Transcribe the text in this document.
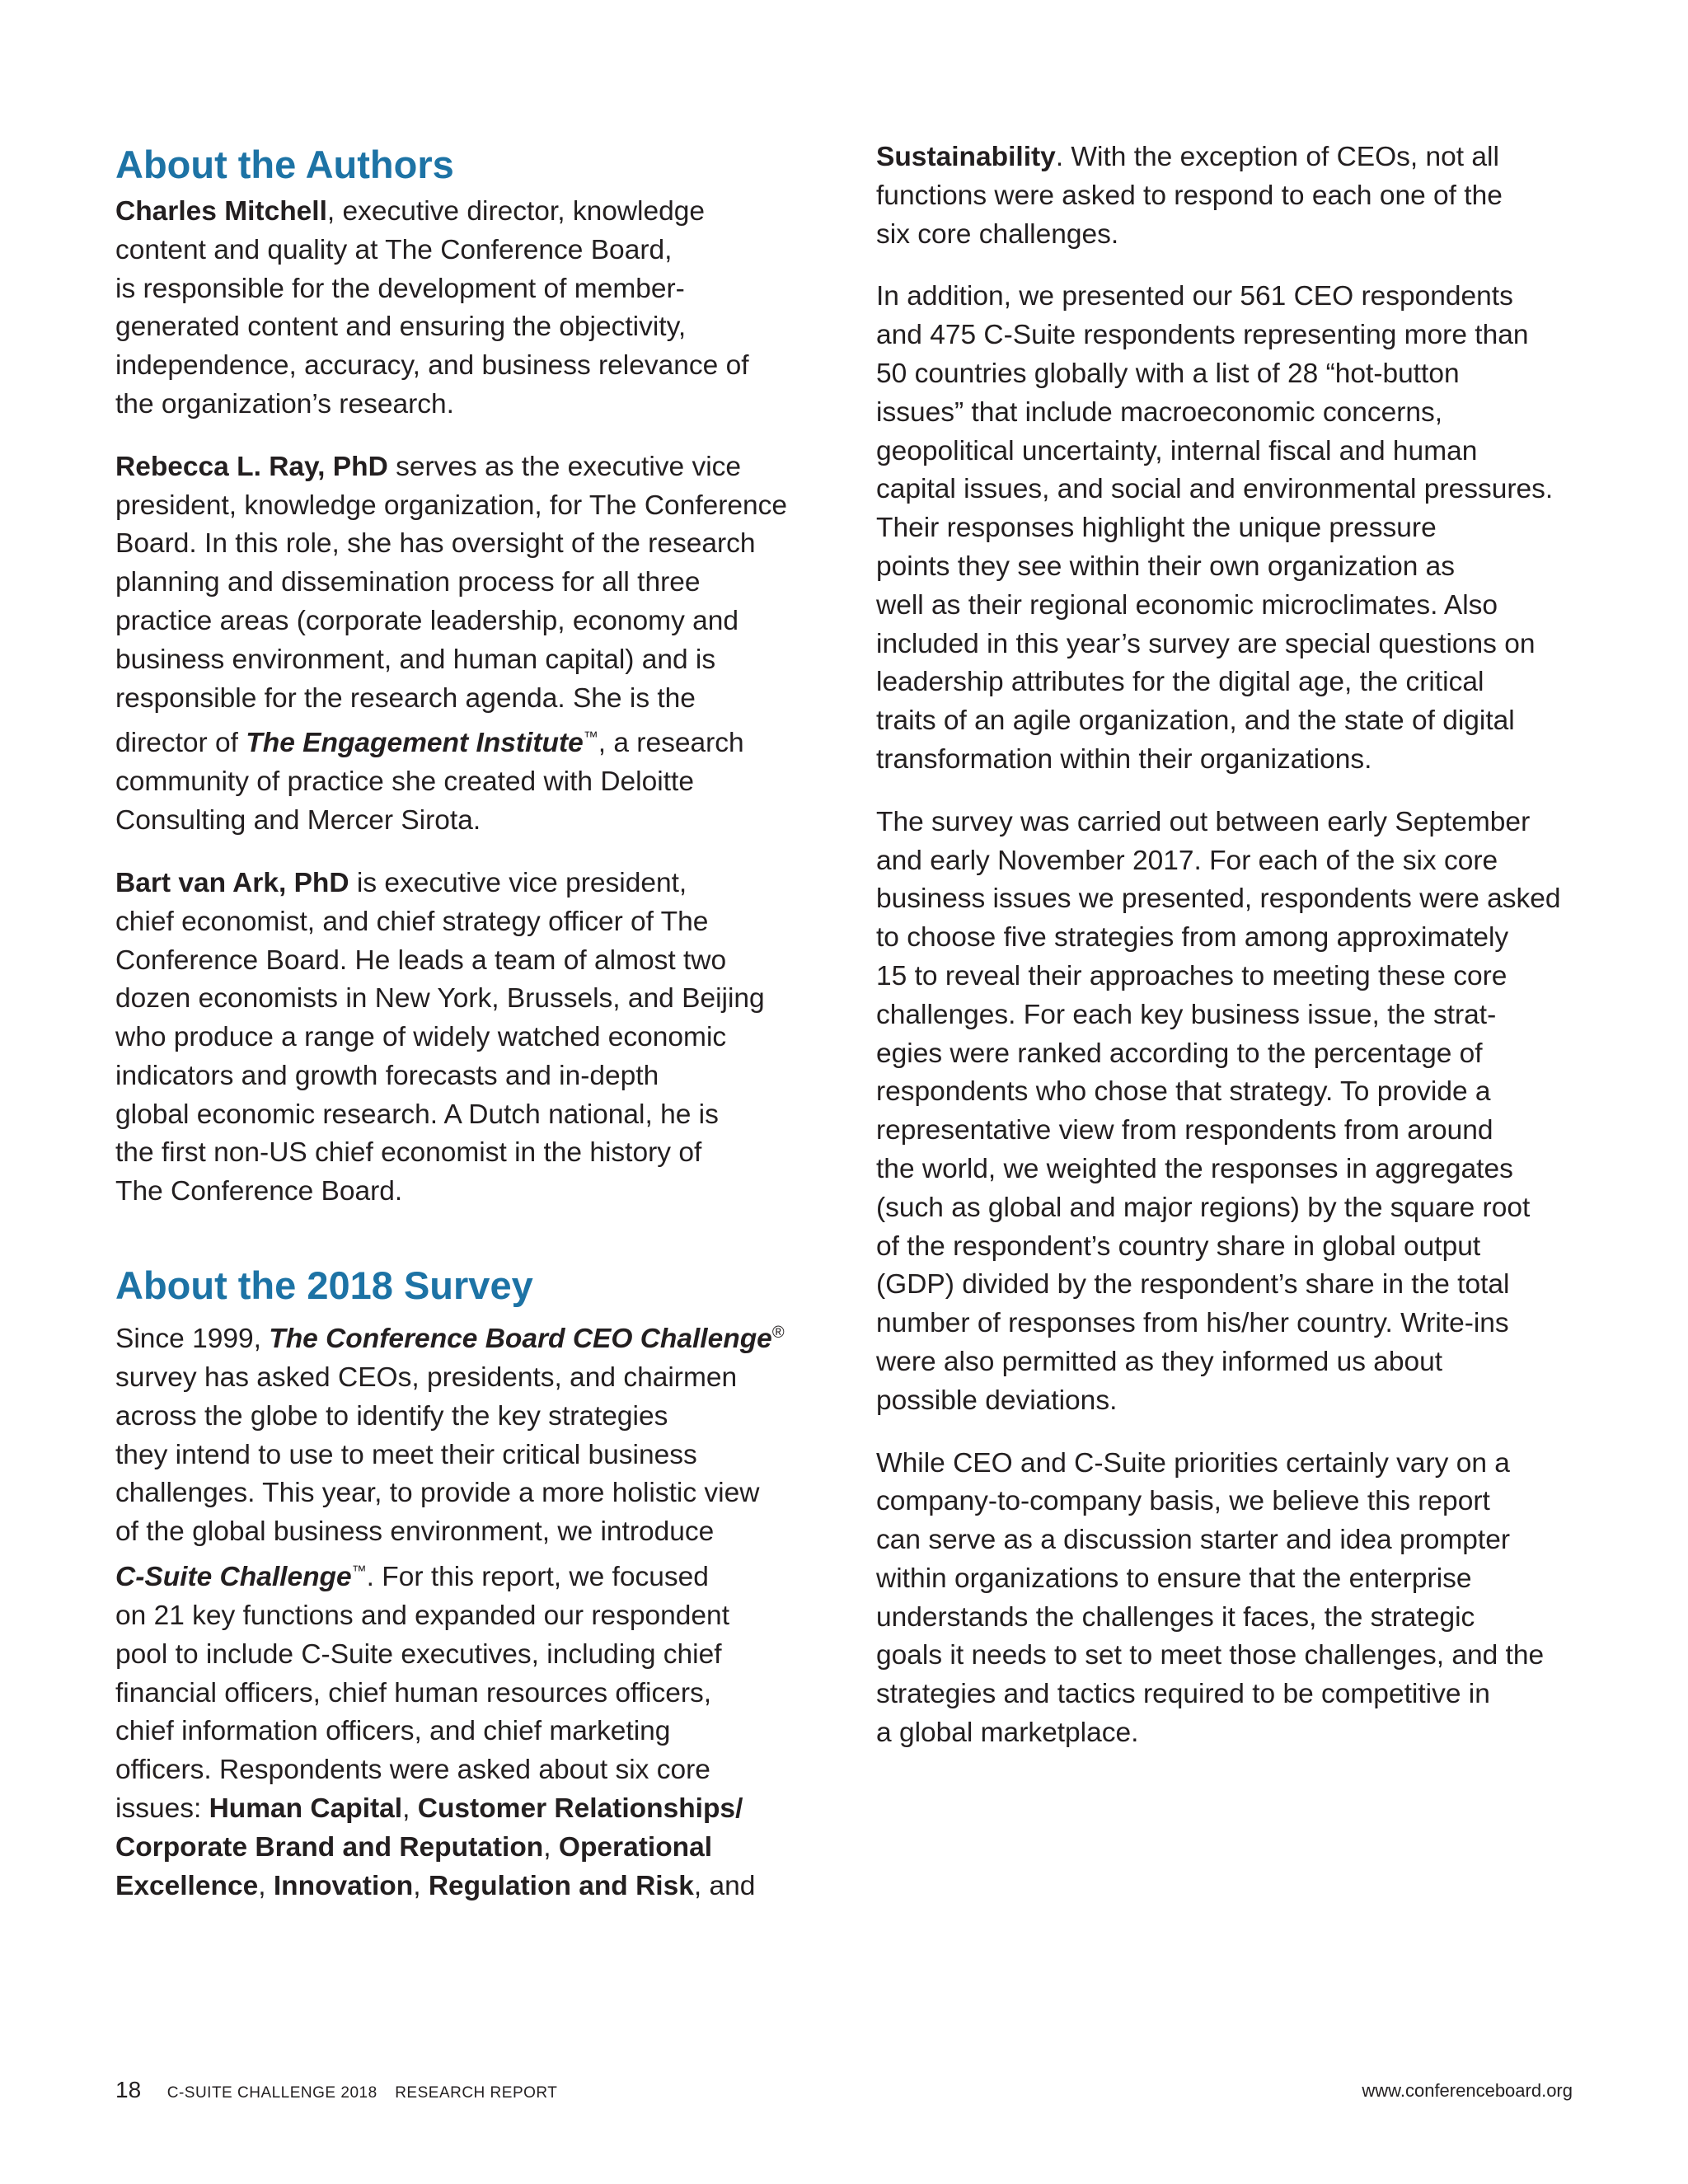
About the Authors

Charles Mitchell, executive director, knowledge
content and quality at The Conference Board,
is responsible for the development of member-
generated content and ensuring the objectivity,
independence, accuracy, and business relevance of
the organization’s research.

Rebecca L. Ray, PhD serves as the executive vice
president, knowledge organization, for The Conference
Board. In this role, she has oversight of the research
planning and dissemination process for all three
practice areas (corporate leadership, economy and
business environment, and human capital) and is
responsible for the research agenda. She is the
director of The Engagement Institute™, a research
community of practice she created with Deloitte
Consulting and Mercer Sirota.

Bart van Ark, PhD is executive vice president,
chief economist, and chief strategy officer of The
Conference Board. He leads a team of almost two
dozen economists in New York, Brussels, and Beijing
who produce a range of widely watched economic
indicators and growth forecasts and in-depth
global economic research. A Dutch national, he is
the first non-US chief economist in the history of
The Conference Board.

About the 2018 Survey

Since 1999, The Conference Board CEO Challenge®
survey has asked CEOs, presidents, and chairmen
across the globe to identify the key strategies
they intend to use to meet their critical business
challenges. This year, to provide a more holistic view
of the global business environment, we introduce
C-Suite Challenge™. For this report, we focused
on 21 key functions and expanded our respondent
pool to include C-Suite executives, including chief
financial officers, chief human resources officers,
chief information officers, and chief marketing
officers. Respondents were asked about six core
issues: Human Capital, Customer Relationships/
Corporate Brand and Reputation, Operational
Excellence, Innovation, Regulation and Risk, and

Sustainability. With the exception of CEOs, not all
functions were asked to respond to each one of the
six core challenges.

In addition, we presented our 561 CEO respondents
and 475 C-Suite respondents representing more than
50 countries globally with a list of 28 “hot-button
issues” that include macroeconomic concerns,
geopolitical uncertainty, internal fiscal and human
capital issues, and social and environmental pressures.
Their responses highlight the unique pressure
points they see within their own organization as
well as their regional economic microclimates. Also
included in this year’s survey are special questions on
leadership attributes for the digital age, the critical
traits of an agile organization, and the state of digital
transformation within their organizations.

The survey was carried out between early September
and early November 2017. For each of the six core
business issues we presented, respondents were asked
to choose five strategies from among approximately
15 to reveal their approaches to meeting these core
challenges. For each key business issue, the strat-
egies were ranked according to the percentage of
respondents who chose that strategy. To provide a
representative view from respondents from around
the world, we weighted the responses in aggregates
(such as global and major regions) by the square root
of the respondent’s country share in global output
(GDP) divided by the respondent’s share in the total
number of responses from his/her country. Write-ins
were also permitted as they informed us about
possible deviations.

While CEO and C-Suite priorities certainly vary on a
company-to-company basis, we believe this report
can serve as a discussion starter and idea prompter
within organizations to ensure that the enterprise
understands the challenges it faces, the strategic
goals it needs to set to meet those challenges, and the
strategies and tactics required to be competitive in
a global marketplace.

18 C-SUITE CHALLENGE 2018 RESEARCH REPORT	www.conferenceboard.org
